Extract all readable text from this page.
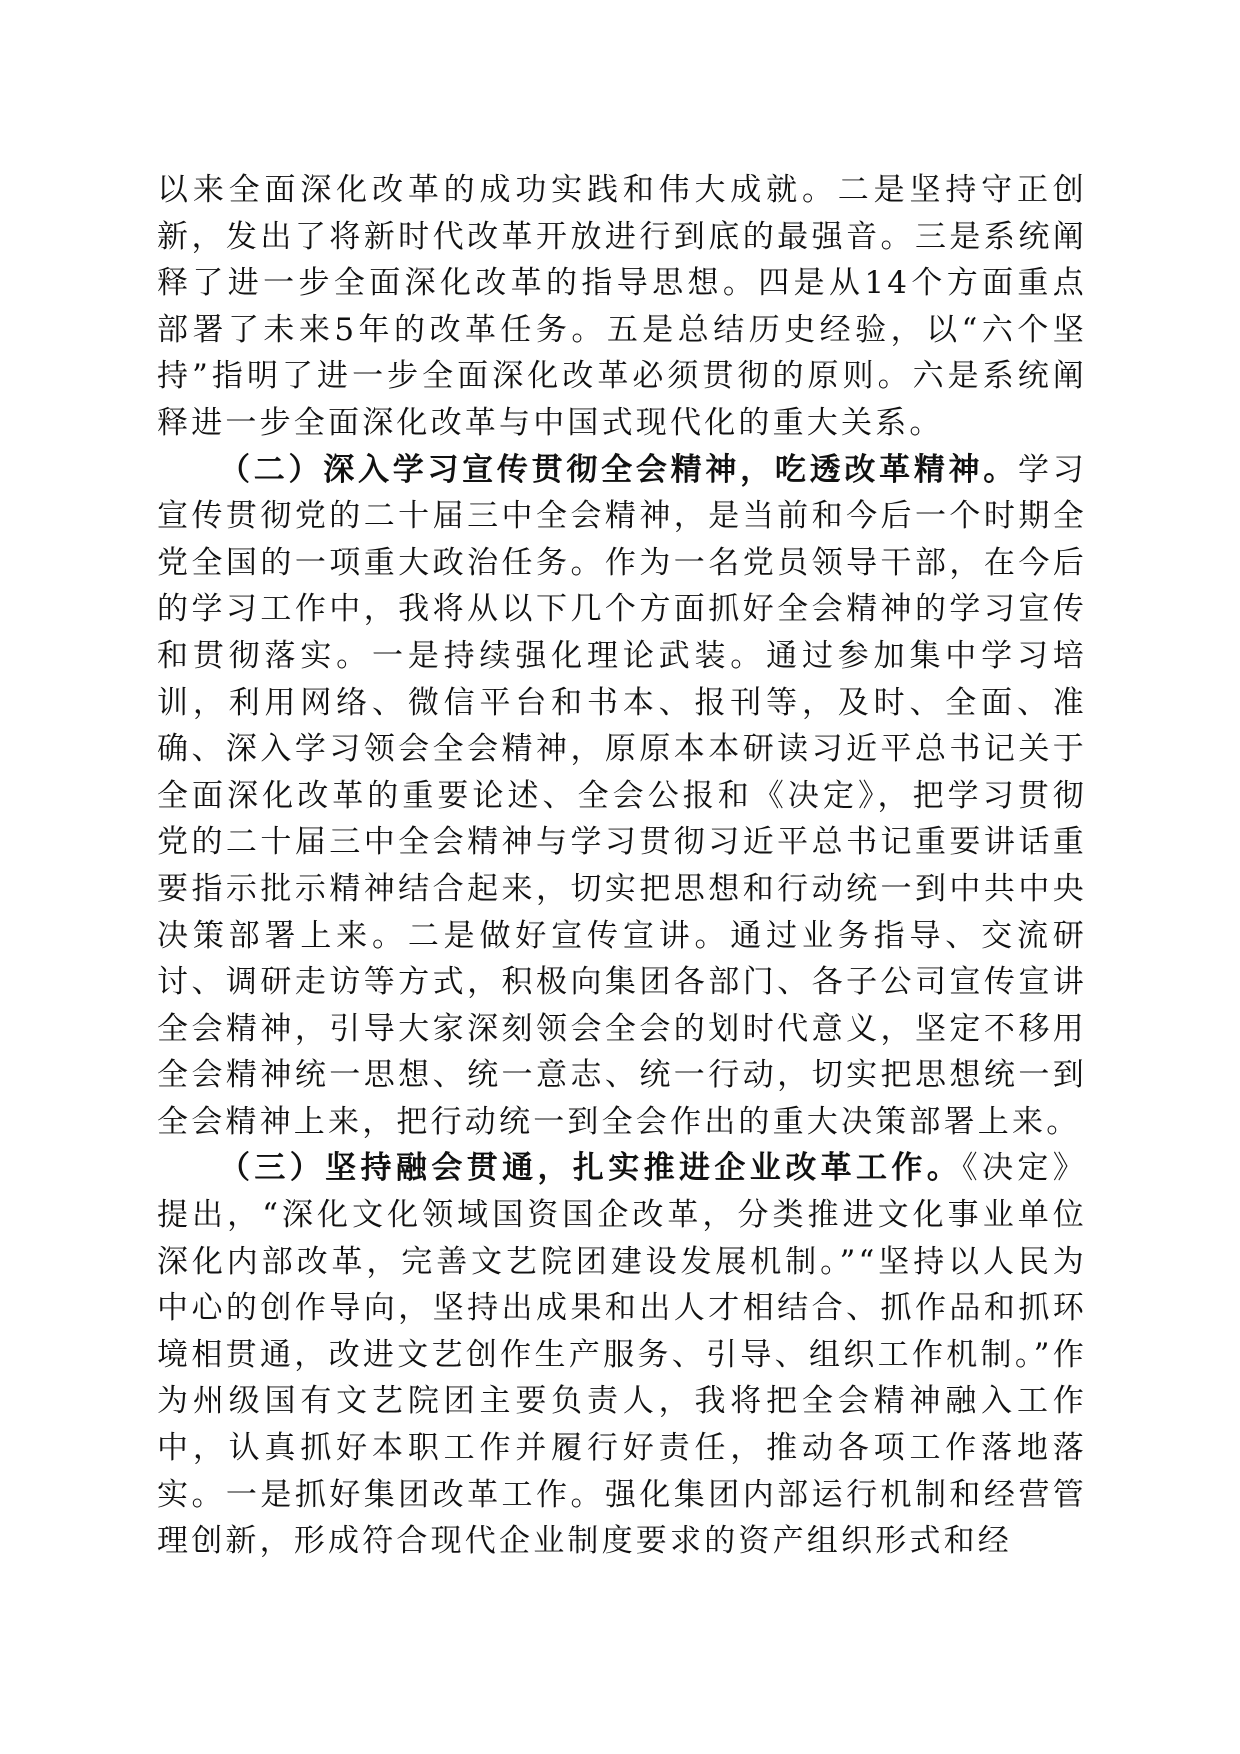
以来全面深化改革的成功实践和伟大成就。二是坚持守正创新，发出了将新时代改革开放进行到底的最强音。三是系统阐释了进一步全面深化改革的指导思想。四是从14个方面重点部署了未来5年的改革任务。五是总结历史经验，以“六个坚持”指明了进一步全面深化改革必须贯彻的原则。六是系统阐释进一步全面深化改革与中国式现代化的重大关系。

（二）深入学习宣传贯彻全会精神，吃透改革精神。学习宣传贯彻党的二十届三中全会精神，是当前和今后一个时期全党全国的一项重大政治任务。作为一名党员领导干部，在今后的学习工作中，我将从以下几个方面抓好全会精神的学习宣传和贯彻落实。一是持续强化理论武装。通过参加集中学习培训，利用网络、微信平台和书本、报刊等，及时、全面、准确、深入学习领会全会精神，原原本本研读习近平总书记关于全面深化改革的重要论述、全会公报和《决定》，把学习贯彻党的二十届三中全会精神与学习贯彻习近平总书记重要讲话重要指示批示精神结合起来，切实把思想和行动统一到中共中央决策部署上来。二是做好宣传宣讲。通过业务指导、交流研讨、调研走访等方式，积极向集团各部门、各子公司宣传宣讲全会精神，引导大家深刻领会全会的划时代意义，坚定不移用全会精神统一思想、统一意志、统一行动，切实把思想统一到全会精神上来，把行动统一到全会作出的重大决策部署上来。

（三）坚持融会贯通，扎实推进企业改革工作。《决定》提出，“深化文化领域国资国企改革，分类推进文化事业单位深化内部改革，完善文艺院团建设发展机制。”“坚持以人民为中心的创作导向，坚持出成果和出人才相结合、抓作品和抓环境相贯通，改进文艺创作生产服务、引导、组织工作机制。”作为州级国有文艺院团主要负责人，我将把全会精神融入工作中，认真抓好本职工作并履行好责任，推动各项工作落地落实。一是抓好集团改革工作。强化集团内部运行机制和经营管理创新，形成符合现代企业制度要求的资产组织形式和经
